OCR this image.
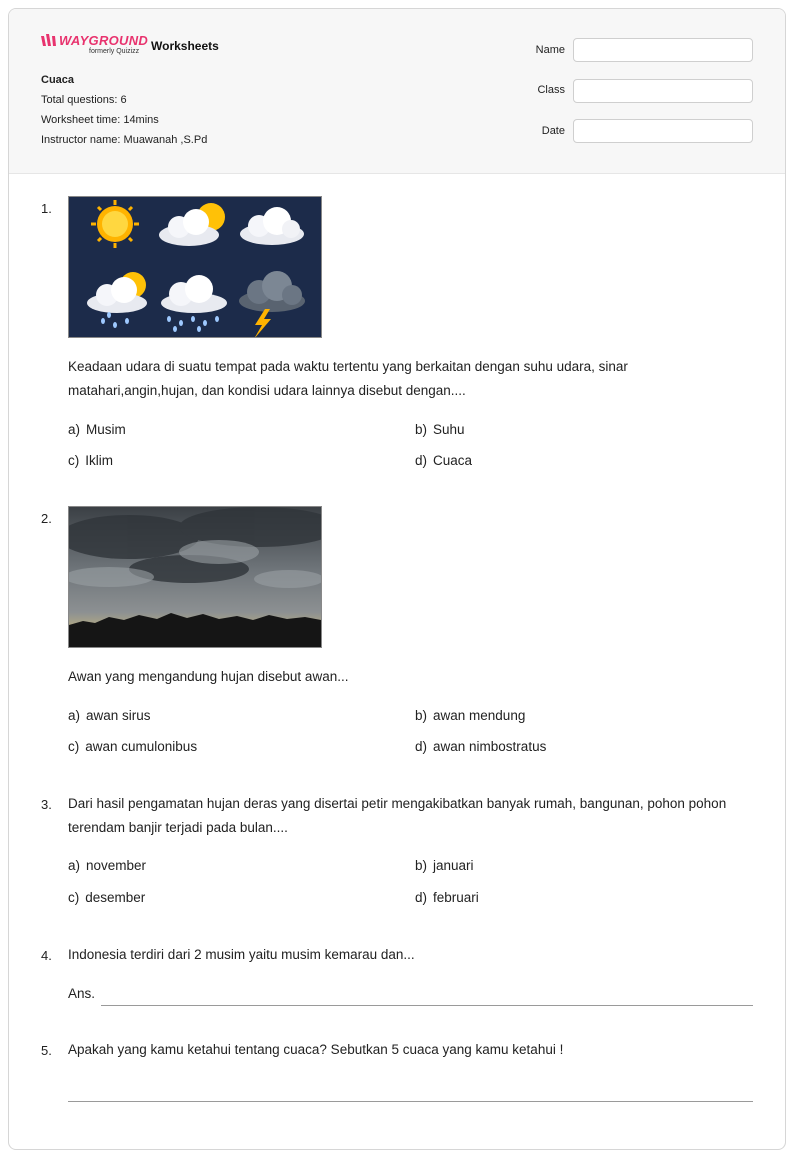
WAYGROUND
formerly Quizizz Worksheets
Cuaca
Total questions: 6
Worksheet time: 14mins
Instructor name: Muawanah ,S.Pd
Name
Class
Date
1.
Keadaan udara di suatu tempat pada waktu tertentu yang berkaitan dengan suhu udara, sinar matahari,angin,hujan, dan kondisi udara lainnya disebut dengan....
a) Musim	b) Suhu
c) Iklim	d) Cuaca
2.
Awan yang mengandung hujan disebut awan...
a) awan sirus	b) awan mendung
c) awan cumulonibus	d) awan nimbostratus
3. Dari hasil pengamatan hujan deras yang disertai petir mengakibatkan banyak rumah, bangunan, pohon pohon terendam banjir terjadi pada bulan....
a) november	b) januari
c) desember	d) februari
4. Indonesia terdiri dari 2 musim yaitu musim kemarau dan...
Ans.
5. Apakah yang kamu ketahui tentang cuaca? Sebutkan 5 cuaca yang kamu ketahui !
